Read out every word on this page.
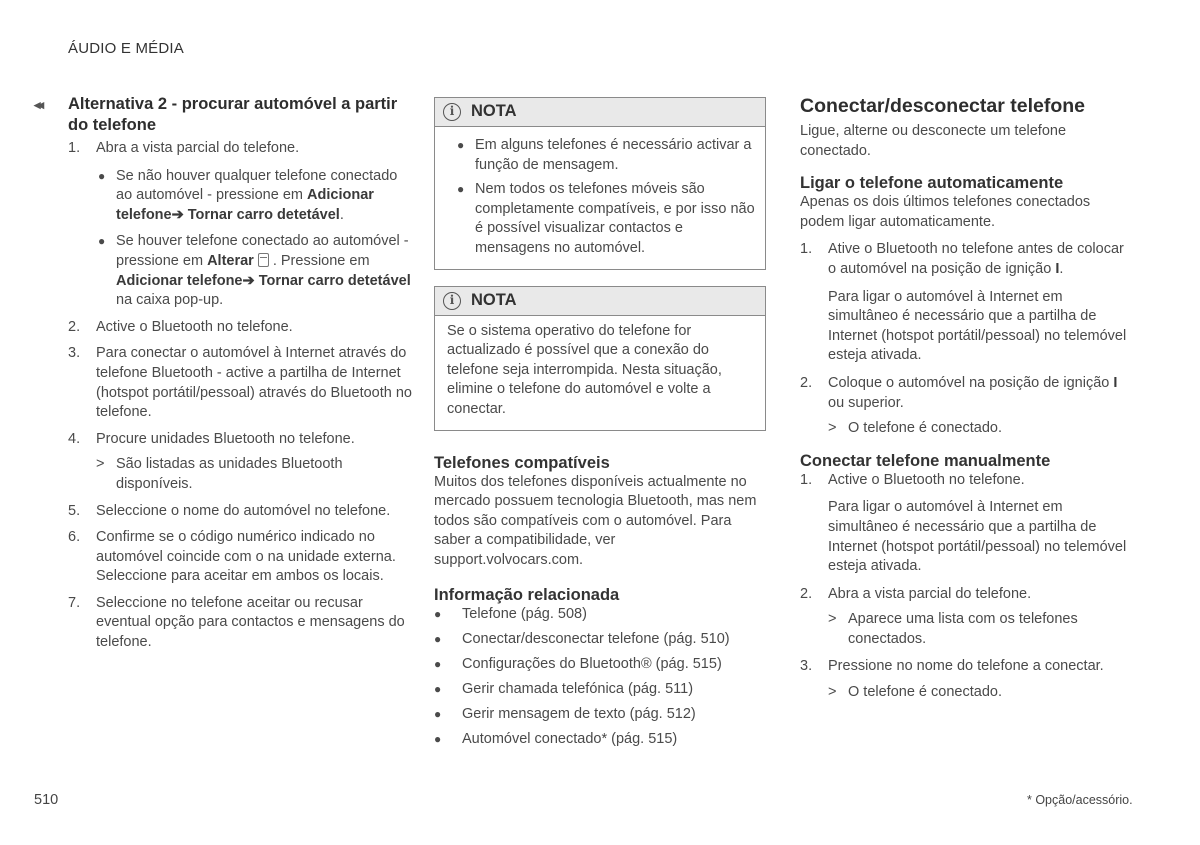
ÁUDIO E MÉDIA
◂◂ Alternativa 2 - procurar automóvel a partir do telefone
1. Abra a vista parcial do telefone.
● Se não houver qualquer telefone conectado ao automóvel - pressione em Adicionar telefone➔ Tornar carro detetável.
● Se houver telefone conectado ao automóvel - pressione em Alterar . Pressione em Adicionar telefone➔ Tornar carro detetável na caixa pop-up.
2. Active o Bluetooth no telefone.
3. Para conectar o automóvel à Internet através do telefone Bluetooth - active a partilha de Internet (hotspot portátil/pessoal) através do Bluetooth no telefone.
4. Procure unidades Bluetooth no telefone.
> São listadas as unidades Bluetooth disponíveis.
5. Seleccione o nome do automóvel no telefone.
6. Confirme se o código numérico indicado no automóvel coincide com o na unidade externa. Seleccione para aceitar em ambos os locais.
7. Seleccione no telefone aceitar ou recusar eventual opção para contactos e mensagens do telefone.
i	NOTA
● Em alguns telefones é necessário activar a função de mensagem.
● Nem todos os telefones móveis são completamente compatíveis, e por isso não é possível visualizar contactos e mensagens no automóvel.
i	NOTA

Se o sistema operativo do telefone for actualizado é possível que a conexão do telefone seja interrompida. Nesta situação, elimine o telefone do automóvel e volte a conectar.

Telefones compatíveis

Muitos dos telefones disponíveis actualmente no mercado possuem tecnologia Bluetooth, mas nem todos são compatíveis com o automóvel. Para saber a compatibilidade, ver support.volvocars.com.

Informação relacionada
● Telefone (pág. 508)
● Conectar/desconectar telefone (pág. 510)
● Configurações do Bluetooth® (pág. 515)
● Gerir chamada telefónica (pág. 511)
● Gerir mensagem de texto (pág. 512)
● Automóvel conectado* (pág. 515)
Conectar/desconectar telefone

Ligue, alterne ou desconecte um telefone conectado.

Ligar o telefone automaticamente

Apenas os dois últimos telefones conectados podem ligar automaticamente.

1. Ative o Bluetooth no telefone antes de colocar o automóvel na posição de ignição I.

Para ligar o automóvel à Internet em simultâneo é necessário que a partilha de Internet (hotspot portátil/pessoal) no telemóvel esteja ativada.

2. Coloque o automóvel na posição de ignição I ou superior.
> O telefone é conectado.
Conectar telefone manualmente
1. Active o Bluetooth no telefone.

Para ligar o automóvel à Internet em simultâneo é necessário que a partilha de Internet (hotspot portátil/pessoal) no telemóvel esteja ativada.

2. Abra a vista parcial do telefone.
> Aparece uma lista com os telefones conectados.
3. Pressione no nome do telefone a conectar.
> O telefone é conectado.
510	* Opção/acessório.
